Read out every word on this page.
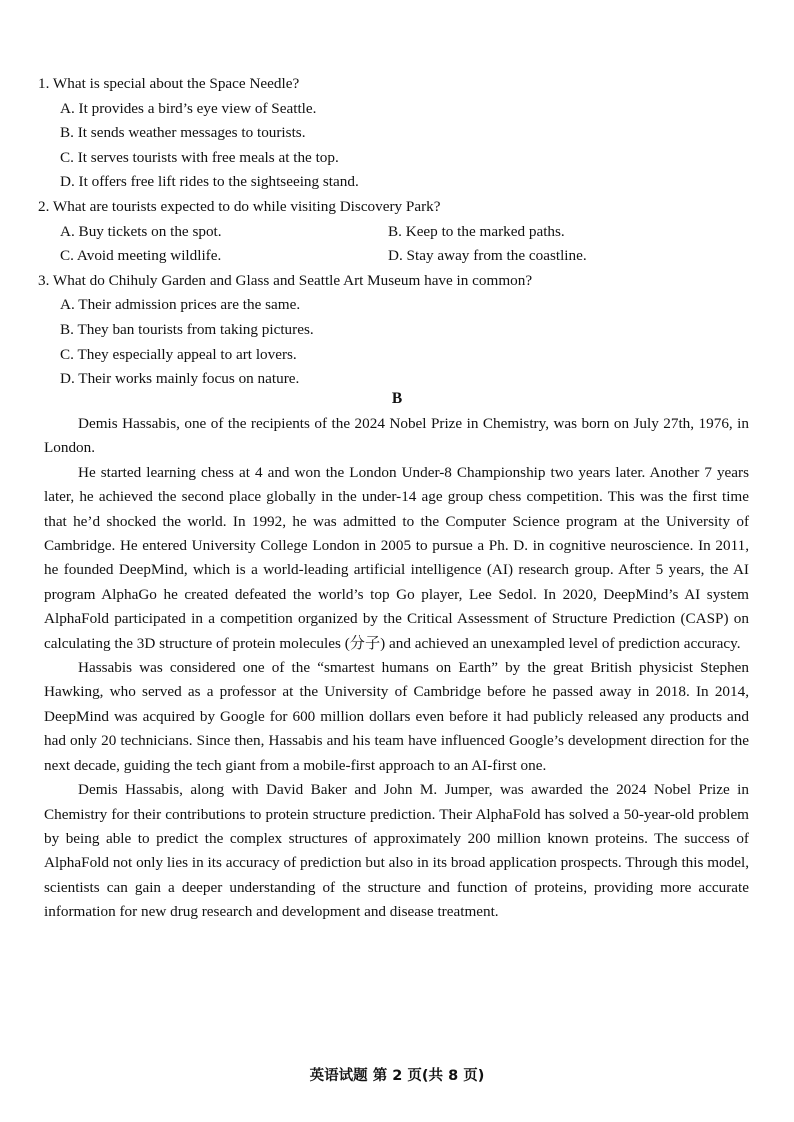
1. What is special about the Space Needle?
A. It provides a bird’s eye view of Seattle.
B. It sends weather messages to tourists.
C. It serves tourists with free meals at the top.
D. It offers free lift rides to the sightseeing stand.
2. What are tourists expected to do while visiting Discovery Park?
A. Buy tickets on the spot.	B. Keep to the marked paths.
C. Avoid meeting wildlife.	D. Stay away from the coastline.
3. What do Chihuly Garden and Glass and Seattle Art Museum have in common?
A. Their admission prices are the same.
B. They ban tourists from taking pictures.
C. They especially appeal to art lovers.
D. Their works mainly focus on nature.
B

Demis Hassabis, one of the recipients of the 2024 Nobel Prize in Chemistry, was born on July 27th, 1976, in London.

He started learning chess at 4 and won the London Under-8 Championship two years later. Another 7 years later, he achieved the second place globally in the under-14 age group chess competition. This was the first time that he’d shocked the world. In 1992, he was admitted to the Computer Science program at the University of Cambridge. He entered University College London in 2005 to pursue a Ph. D. in cognitive neuroscience. In 2011, he founded DeepMind, which is a world-leading artificial intelligence (AI) research group. After 5 years, the AI program AlphaGo he created defeated the world’s top Go player, Lee Sedol. In 2020, DeepMind’s AI system AlphaFold participated in a competition organized by the Critical Assessment of Structure Prediction (CASP) on calculating the 3D structure of protein molecules (分子) and achieved an unexampled level of prediction accuracy.

Hassabis was considered one of the “smartest humans on Earth” by the great British physicist Stephen Hawking, who served as a professor at the University of Cambridge before he passed away in 2018. In 2014, DeepMind was acquired by Google for 600 million dollars even before it had publicly released any products and had only 20 technicians. Since then, Hassabis and his team have influenced Google’s development direction for the next decade, guiding the tech giant from a mobile-first approach to an AI-first one.

Demis Hassabis, along with David Baker and John M. Jumper, was awarded the 2024 Nobel Prize in Chemistry for their contributions to protein structure prediction. Their AlphaFold has solved a 50-year-old problem by being able to predict the complex structures of approximately 200 million known proteins. The success of AlphaFold not only lies in its accuracy of prediction but also in its broad application prospects. Through this model, scientists can gain a deeper understanding of the structure and function of proteins, providing more accurate information for new drug research and development and disease treatment.

英语试题 第 2 页(共 8 页)
